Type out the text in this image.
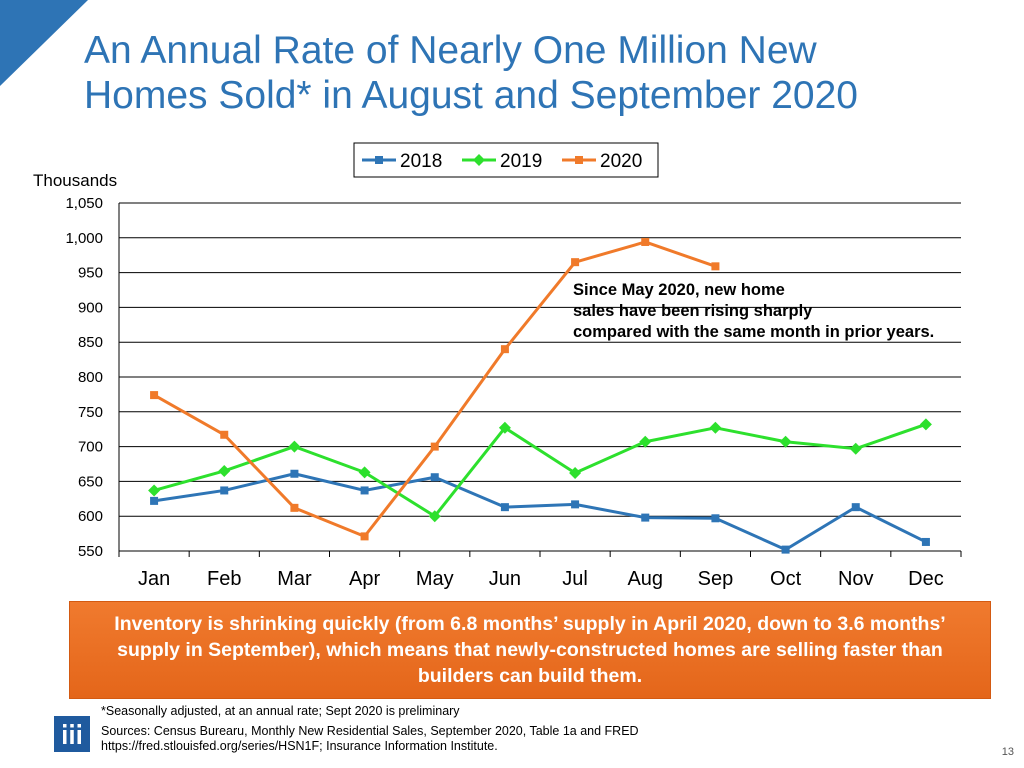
An Annual Rate of Nearly One Million New
Homes Sold* in August and September 2020
550
600
650
700
750
800
850
900
950
1,000
1,050
Jan Feb Mar Apr May Jun Jul Aug Sep Oct Nov Dec
Thousands
2018	2019	2020
Since May 2020, new home
sales have been rising sharply
compared with the same month in prior years.
Inventory is shrinking quickly (from 6.8 months’ supply in April 2020, down to 3.6 months’ supply in September), which means that newly-constructed homes are selling faster than builders can build them.
*Seasonally adjusted, at an annual rate; Sept 2020 is preliminary
Sources: Census Burearu, Monthly New Residential Sales, September 2020, Table 1a and FRED
https://fred.stlouisfed.org/series/HSN1F; Insurance Information Institute.	13
